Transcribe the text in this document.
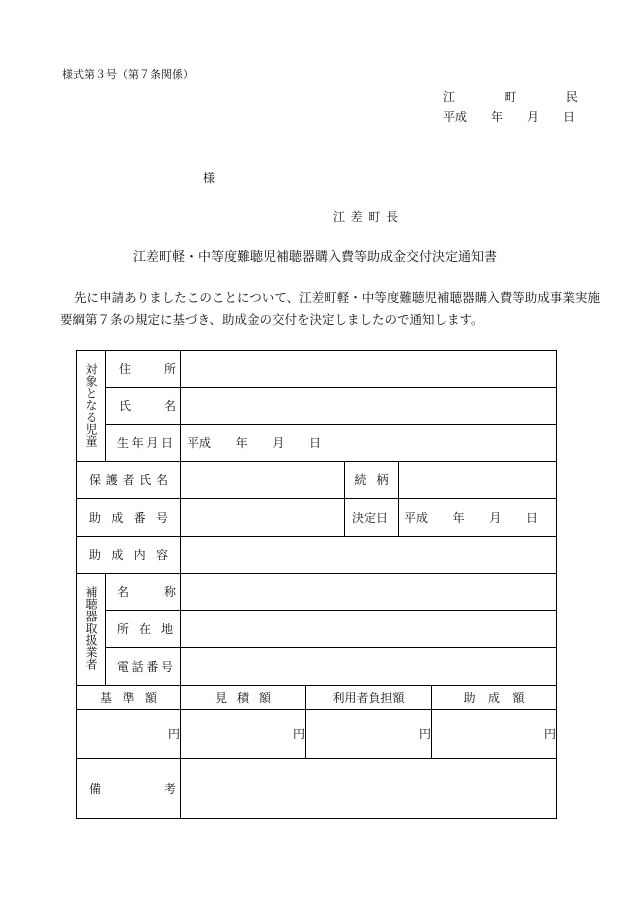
様式第３号（第７条関係）
江	町	民
平成 年 月 日
様
江差町長
江差町軽・中等度難聴児補聴器購入費等助成金交付決定通知書
先に申請ありましたこのことについて、江差町軽・中等度難聴児補聴器購入費等助成事業実施
要綱第７条の規定に基づき、助成金の交付を決定しましたので通知します。
対象となる児童	住所					

	氏名					

	生年月日	平成 年 月 日				

保護者氏名				続柄		

助成番号				決定日	平成 年 月 日	

助成内容						

補聴器取扱業者	名称					

	所在地					

	電話番号					

基準額		見積額	利用者負担額			助成額

円		円	円			円

備考						
